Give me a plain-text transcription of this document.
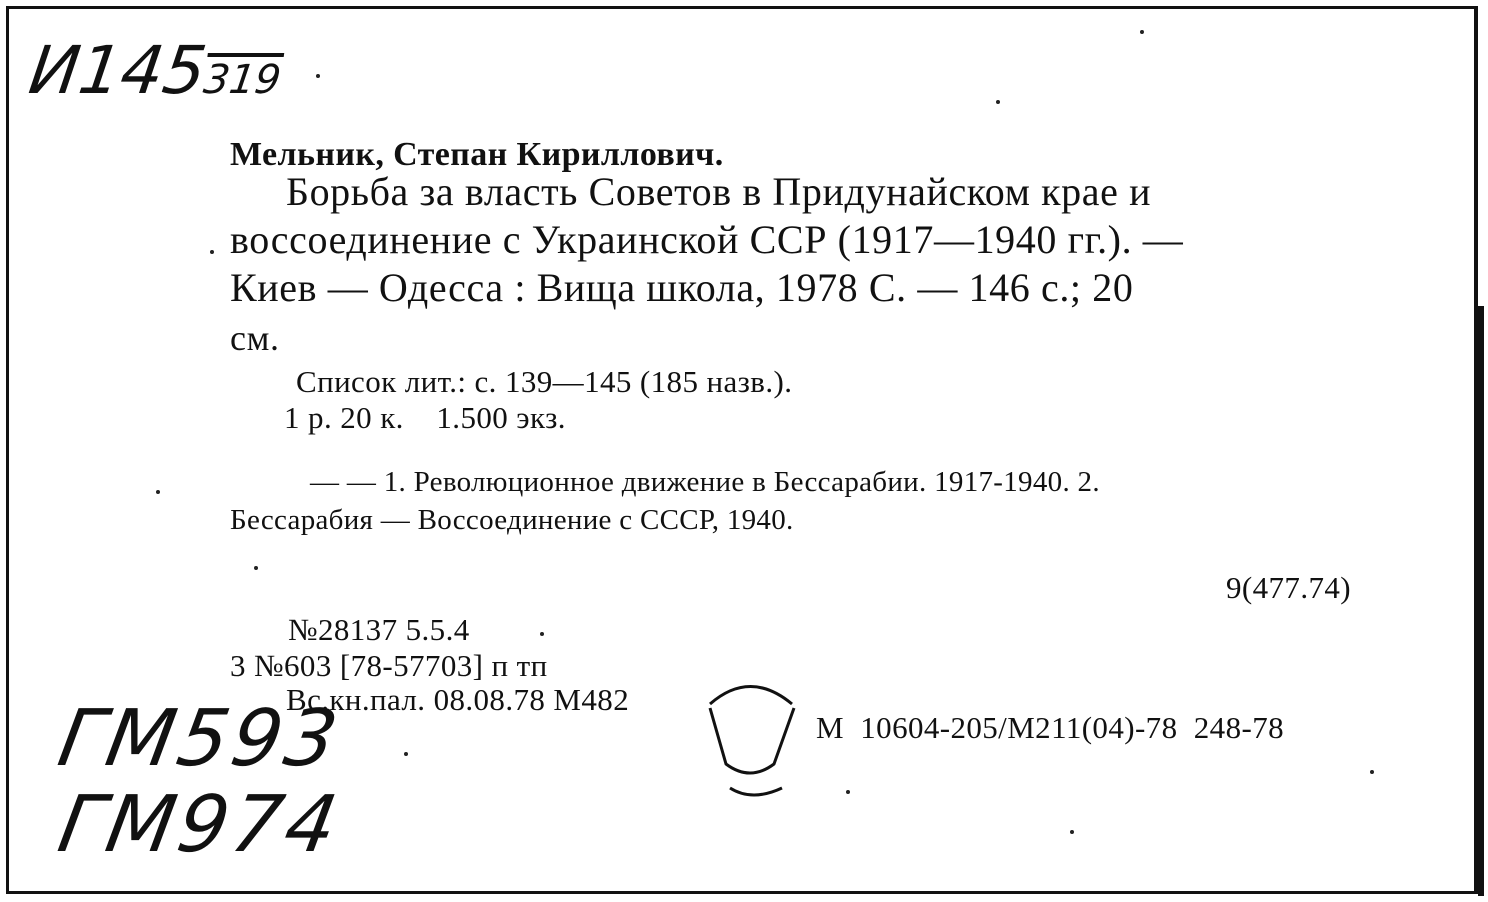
И145319
Мельник, Степан Кириллович.
Борьба за власть Советов в Придунайском крае и
воссоединение с Украинской ССР (1917—1940 гг.). —
Киев — Одесса : Вища школа, 1978 С. — 146 с.; 20
см.
Список лит.: с. 139—145 (185 назв.).
1 р. 20 к.    1.500 экз.
— — 1. Революционное движение в Бессарабии. 1917-1940. 2.
Бессарабия — Воссоединение с СССР, 1940.
9(477.74)
№28137 5.5.4
3 №603 [78-57703] п тп
Вс.кн.пал. 08.08.78 М482
М  10604-205/М211(04)-78  248-78
ГМ593
ГМ974
